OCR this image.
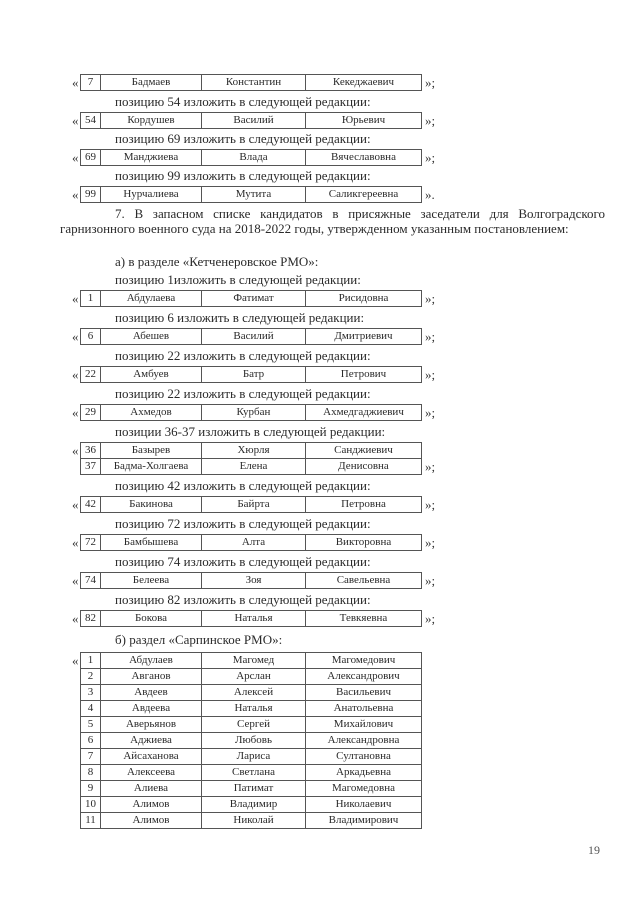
7	Бадмаев	Константин	Кекеджаевич
«	»;
позицию 54 изложить в следующей редакции:
54	Кордушев	Василий	Юрьевич
«	»;
позицию 69 изложить в следующей редакции:
69	Манджиева	Влада	Вячеславовна
«	»;
позицию 99 изложить в следующей редакции:
99	Нурчалиева	Мутита	Саликгереевна
«	».
7. В запасном списке кандидатов в присяжные заседатели для Волгоградского гарнизонного военного суда на 2018-2022 годы, утвержденном указанным постановлением:
а) в разделе «Кетченеровское РМО»:
позицию 1изложить в следующей редакции:
1	Абдулаева	Фатимат	Рисидовна
«	»;
позицию 6 изложить в следующей редакции:
6	Абешев	Василий	Дмитриевич
«	»;
позицию 22 изложить в следующей редакции:
22	Амбуев	Батр	Петрович
«	»;
позицию 22 изложить в следующей редакции:
29	Ахмедов	Курбан	Ахмедгаджиевич
«	»;
позиции 36-37 изложить в следующей редакции:
36	Базырев	Хюрля	Санджиевич
37	Бадма-Холгаева	Елена	Денисовна
«
»;
позицию 42 изложить в следующей редакции:
42	Бакинова	Байрта	Петровна
«	»;
позицию 72 изложить в следующей редакции:
72	Бамбышева	Алта	Викторовна
«	»;
позицию 74 изложить в следующей редакции:
74	Белеева	Зоя	Савельевна
«	»;
позицию 82 изложить в следующей редакции:
82	Бокова	Наталья	Тевкяевна
«	»;
б) раздел «Сарпинское РМО»:
« 1	Абдулаев	Магомед	Магомедович
2	Авганов	Арслан	Александрович
3	Авдеев	Алексей	Васильевич
4	Авдеева	Наталья	Анатольевна
5	Аверьянов	Сергей	Михайлович
6	Аджиева	Любовь	Александровна
7	Айсаханова	Лариса	Султановна
8	Алексеева	Светлана	Аркадьевна
9	Алиева	Патимат	Магомедовна
10	Алимов	Владимир	Николаевич
11	Алимов	Николай	Владимирович
19
